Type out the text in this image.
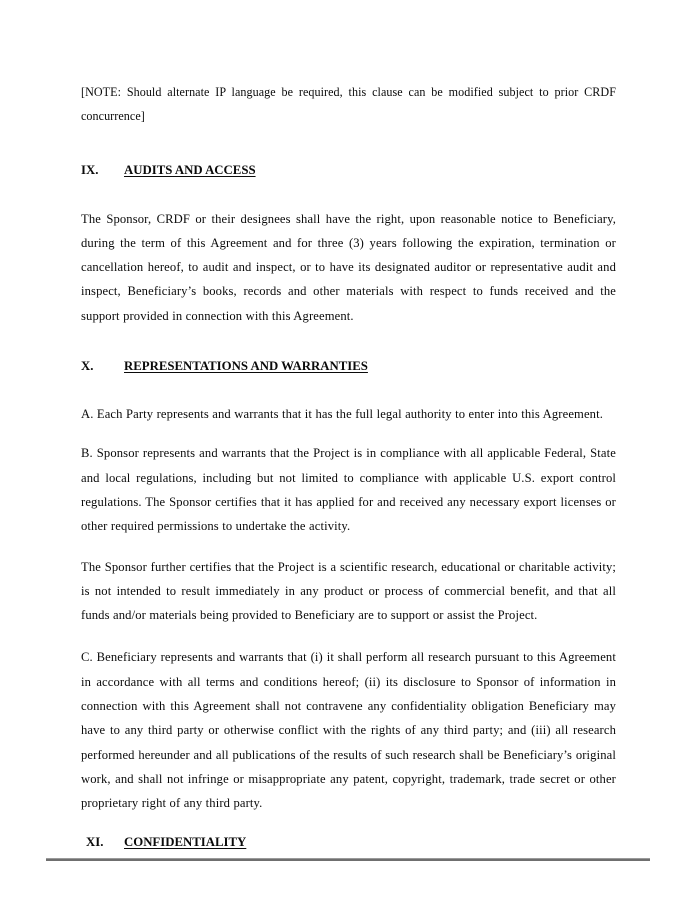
[NOTE: Should alternate IP language be required, this clause can be modified subject to prior CRDF concurrence]

IX. AUDITS AND ACCESS

The Sponsor, CRDF or their designees shall have the right, upon reasonable notice to Beneficiary, during the term of this Agreement and for three (3) years following the expiration, termination or cancellation hereof, to audit and inspect, or to have its designated auditor or representative audit and inspect, Beneficiary’s books, records and other materials with respect to funds received and the support provided in connection with this Agreement.

X. REPRESENTATIONS AND WARRANTIES

A. Each Party represents and warrants that it has the full legal authority to enter into this Agreement.

B. Sponsor represents and warrants that the Project is in compliance with all applicable Federal, State and local regulations, including but not limited to compliance with applicable U.S. export control regulations. The Sponsor certifies that it has applied for and received any necessary export licenses or other required permissions to undertake the activity.

The Sponsor further certifies that the Project is a scientific research, educational or charitable activity; is not intended to result immediately in any product or process of commercial benefit, and that all funds and/or materials being provided to Beneficiary are to support or assist the Project.

C. Beneficiary represents and warrants that (i) it shall perform all research pursuant to this Agreement in accordance with all terms and conditions hereof; (ii) its disclosure to Sponsor of information in connection with this Agreement shall not contravene any confidentiality obligation Beneficiary may have to any third party or otherwise conflict with the rights of any third party; and (iii) all research performed hereunder and all publications of the results of such research shall be Beneficiary’s original work, and shall not infringe or misappropriate any patent, copyright, trademark, trade secret or other proprietary right of any third party.

XI. CONFIDENTIALITY
